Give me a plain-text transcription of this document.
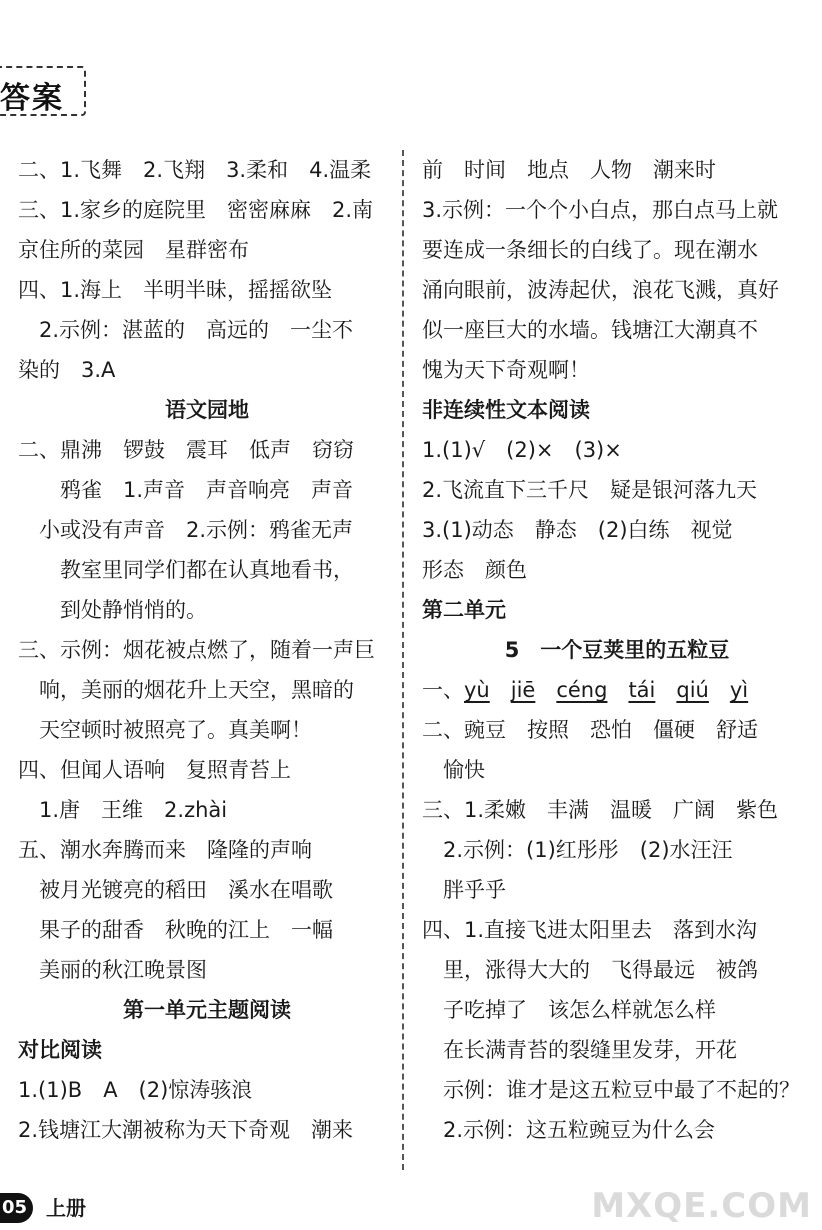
答案
二、1.飞舞　2.飞翔　3.柔和　4.温柔
三、1.家乡的庭院里　密密麻麻　2.南
京住所的菜园　星群密布
四、1.海上　半明半昧，摇摇欲坠
　2.示例：湛蓝的　高远的　一尘不
染的　3.A
语文园地
二、鼎沸　锣鼓　震耳　低声　窃窃
　　鸦雀　1.声音　声音响亮　声音
　小或没有声音　2.示例：鸦雀无声
　　教室里同学们都在认真地看书，
　　到处静悄悄的。
三、示例：烟花被点燃了，随着一声巨
　响，美丽的烟花升上天空，黑暗的
　天空顿时被照亮了。真美啊！
四、但闻人语响　复照青苔上
　1.唐　王维　2.zhài
五、潮水奔腾而来　隆隆的声响
　被月光镀亮的稻田　溪水在唱歌
　果子的甜香　秋晚的江上　一幅
　美丽的秋江晚景图
第一单元主题阅读
对比阅读
1.(1)B　A　(2)惊涛骇浪
2.钱塘江大潮被称为天下奇观　潮来
前　时间　地点　人物　潮来时
3.示例：一个个小白点，那白点马上就
要连成一条细长的白线了。现在潮水
涌向眼前，波涛起伏，浪花飞溅，真好
似一座巨大的水墙。钱塘江大潮真不
愧为天下奇观啊！
非连续性文本阅读
1.(1)√　(2)×　(3)×
2.飞流直下三千尺　疑是银河落九天
3.(1)动态　静态　(2)白练　视觉
形态　颜色
第二单元
5　一个豆荚里的五粒豆
一、yù　 jiē　 céng　 tái　 qiú　 yì
二、豌豆　按照　恐怕　僵硬　舒适
　愉快
三、1.柔嫩　丰满　温暖　广阔　紫色
　2.示例：(1)红彤彤　(2)水汪汪
　胖乎乎
四、1.直接飞进太阳里去　落到水沟
　里，涨得大大的　飞得最远　被鸽
　子吃掉了　该怎么样就怎么样
　在长满青苔的裂缝里发芽，开花
　示例：谁才是这五粒豆中最了不起的？
　2.示例：这五粒豌豆为什么会
05 上册	MXQE.COM
